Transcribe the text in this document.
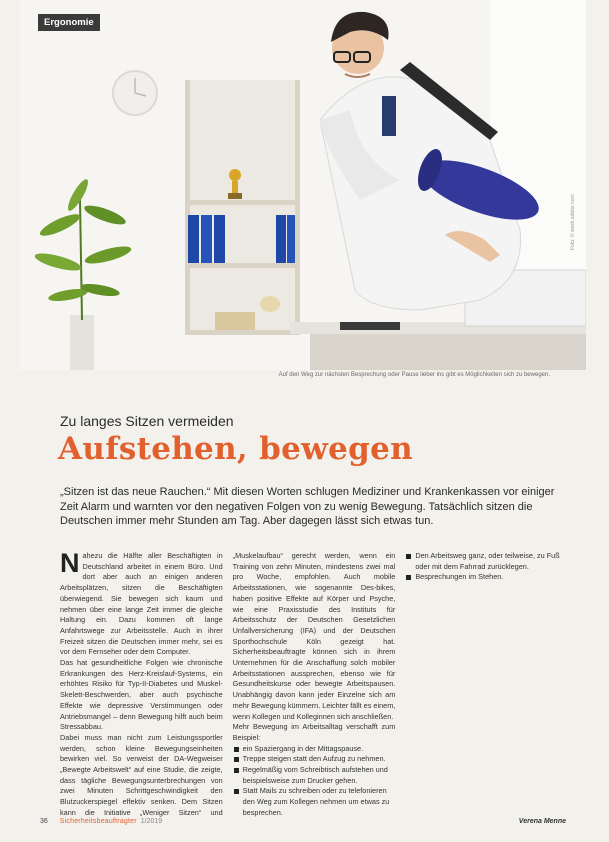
Ergonomie
Foto: © stock.adobe.com
Auf den Weg zur nächsten Besprechung oder Pause lieber ins gibt es Möglichkeiten sich zu bewegen.
Zu langes Sitzen vermeiden
Aufstehen, bewegen
„Sitzen ist das neue Rauchen.“ Mit diesen Worten schlugen Mediziner und Krankenkassen vor einiger Zeit Alarm und warnten vor den negativen Folgen von zu wenig Bewegung. Tatsächlich sitzen die Deutschen immer mehr Stunden am Tag. Aber dagegen lässt sich etwas tun.

Nahezu die Hälfte aller Beschäftigten in Deutschland arbeitet in einem Büro. Und dort aber auch an einigen anderen Arbeitsplätzen, sitzen die Beschäftigten überwiegend. Sie bewegen sich kaum und nehmen über eine lange Zeit immer die gleiche Haltung ein. Dazu kommen oft lange Anfahrtswege zur Arbeitsstelle. Auch in ihrer Freizeit sitzen die Deutschen immer mehr, sei es vor dem Fernseher oder dem Computer.

Das hat gesundheitliche Folgen wie chronische Erkrankungen des Herz-Kreislauf-Systems, ein erhöhtes Risiko für Typ-II-Diabetes und Muskel-Skelett-Beschwerden, aber auch psychische Effekte wie depressive Verstimmungen oder Antriebsmangel – denn Bewegung hilft auch beim Stressabbau.

Dabei muss man nicht zum Leistungssportler werden, schon kleine Bewegungseinheiten bewirken viel. So verweist der DA-Wegweiser „Bewegte Arbeitswelt“ auf eine Studie, die zeigte, dass tägliche Bewegungsunterbrechungen von zwei Minuten Schrittgeschwindigkeit den Blutzuckerspiegel effektiv senken. Dem Sitzen kann die Initiative „Weniger Sitzen“ und „Muskelaufbau“ gerecht werden, wenn ein Training von zehn Minuten, mindestens zwei mal pro Woche, empfohlen. Auch mobile Arbeitsstationen, wie sogenannte Des-bikes, haben positive Effekte auf Körper und Psyche, wie eine Praxisstudie des Instituts für Arbeitsschutz der Deutschen Gesetzlichen Unfallversicherung (IFA) und der Deutschen Sporthochschule Köln gezeigt hat. Sicherheitsbeauftragte können sich in ihrem Unternehmen für die Anschaffung solch mobiler Arbeitsstationen aussprechen, ebenso wie für Gesundheitskurse oder bewegte Arbeitspausen. Unabhängig davon kann jeder Einzelne sich am mehr Bewegung kümmern. Leichter fällt es einem, wenn Kollegen und Kolleginnen sich anschließen.

Mehr Bewegung im Arbeitsalltag verschafft zum Beispiel:

ein Spaziergang in der Mittagspause.
Treppe steigen statt den Aufzug zu nehmen.
Regelmäßig vom Schreibtisch aufstehen und beispielsweise zum Drucker gehen.
Statt Mails zu schreiben oder zu telefonieren den Weg zum Kollegen nehmen um etwas zu besprechen.
Den Arbeitsweg ganz, oder teilweise, zu Fuß oder mit dem Fahrrad zurücklegen.
Besprechungen im Stehen.
Verena Menne
36 Sicherheitsbeauftragter 1/2019
